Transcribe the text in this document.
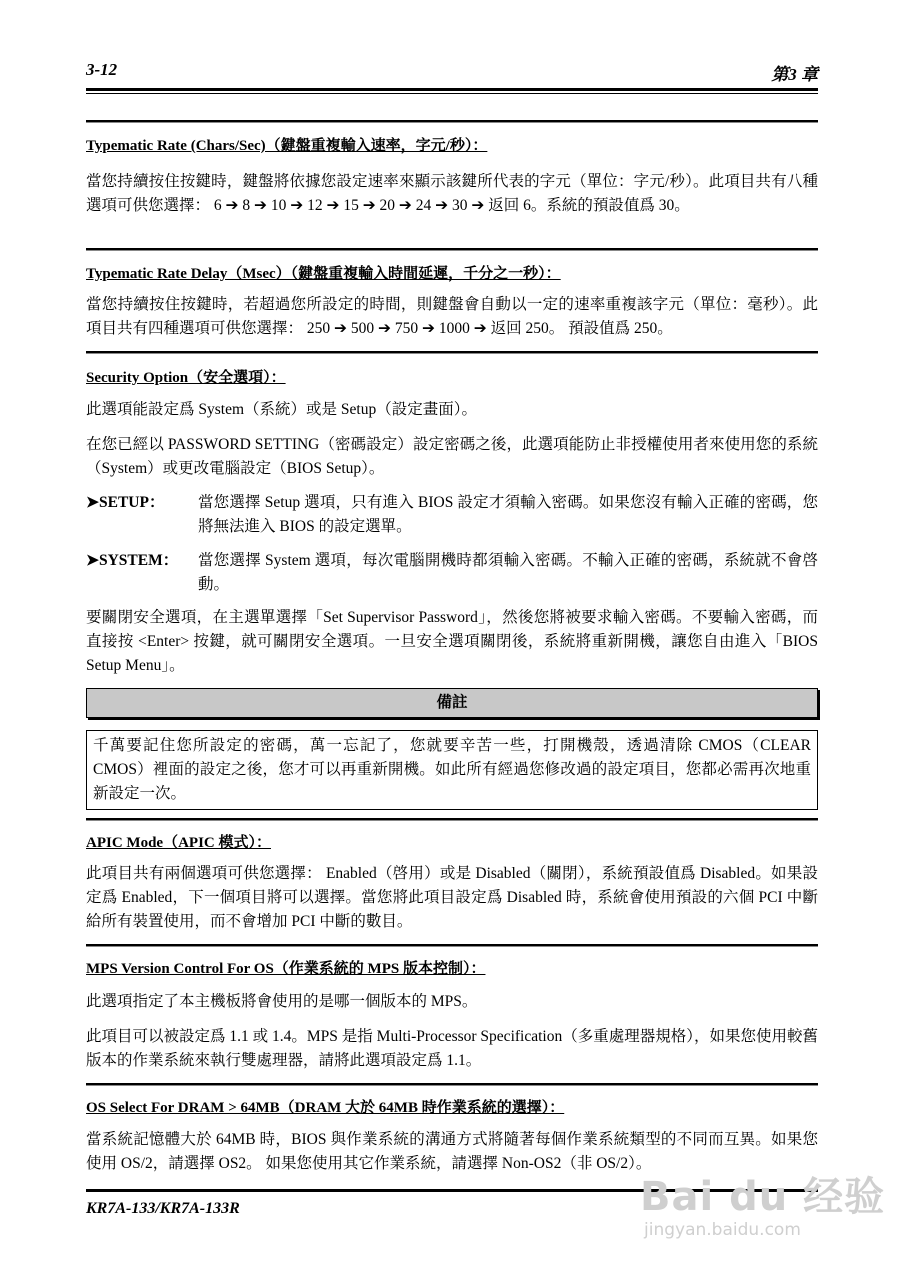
3-12	第3 章
Typematic Rate (Chars/Sec)（鍵盤重複輸入速率，字元/秒）：
當您持續按住按鍵時，鍵盤將依據您設定速率來顯示該鍵所代表的字元（單位：字元/秒）。此項目共有八種選項可供您選擇： 6 ➔ 8 ➔ 10 ➔ 12 ➔ 15 ➔ 20 ➔ 24 ➔ 30 ➔ 返回 6。系統的預設值爲 30。
Typematic Rate Delay（Msec）（鍵盤重複輸入時間延遲，千分之一秒）：
當您持續按住按鍵時，若超過您所設定的時間，則鍵盤會自動以一定的速率重複該字元（單位：毫秒）。此項目共有四種選項可供您選擇： 250 ➔ 500 ➔ 750 ➔ 1000 ➔ 返回 250。 預設值爲 250。
Security Option（安全選項）：
此選項能設定爲 System（系統）或是 Setup（設定畫面）。
在您已經以 PASSWORD SETTING（密碼設定）設定密碼之後，此選項能防止非授權使用者來使用您的系統（System）或更改電腦設定（BIOS Setup）。
➤SETUP： 當您選擇 Setup 選項，只有進入 BIOS 設定才須輸入密碼。如果您沒有輸入正確的密碼，您將無法進入 BIOS 的設定選單。
➤SYSTEM： 當您選擇 System 選項，每次電腦開機時都須輸入密碼。不輸入正確的密碼，系統就不會啓動。
要關閉安全選項，在主選單選擇「Set Supervisor Password」，然後您將被要求輸入密碼。不要輸入密碼，而直接按 <Enter> 按鍵，就可關閉安全選項。一旦安全選項關閉後，系統將重新開機，讓您自由進入「BIOS Setup Menu」。
備註
千萬要記住您所設定的密碼，萬一忘記了，您就要辛苦一些，打開機殼，透過清除 CMOS（CLEAR CMOS）裡面的設定之後，您才可以再重新開機。如此所有經過您修改過的設定項目，您都必需再次地重新設定一次。
APIC Mode（APIC 模式）：
此項目共有兩個選項可供您選擇： Enabled（啓用）或是 Disabled（關閉），系統預設值爲 Disabled。如果設定爲 Enabled，下一個項目將可以選擇。當您將此項目設定爲 Disabled 時，系統會使用預設的六個 PCI 中斷給所有裝置使用，而不會增加 PCI 中斷的數目。
MPS Version Control For OS（作業系統的 MPS 版本控制）：
此選項指定了本主機板將會使用的是哪一個版本的 MPS。
此項目可以被設定爲 1.1 或 1.4。MPS 是指 Multi-Processor Specification（多重處理器規格），如果您使用較舊版本的作業系統來執行雙處理器，請將此選項設定爲 1.1。
OS Select For DRAM > 64MB（DRAM 大於 64MB 時作業系統的選擇）：
當系統記憶體大於 64MB 時，BIOS 與作業系統的溝通方式將隨著每個作業系統類型的不同而互異。如果您使用 OS/2，請選擇 OS2。 如果您使用其它作業系統，請選擇 Non-OS2（非 OS/2）。
KR7A-133/KR7A-133R	Bai du 经验
jingyan.baidu.com
